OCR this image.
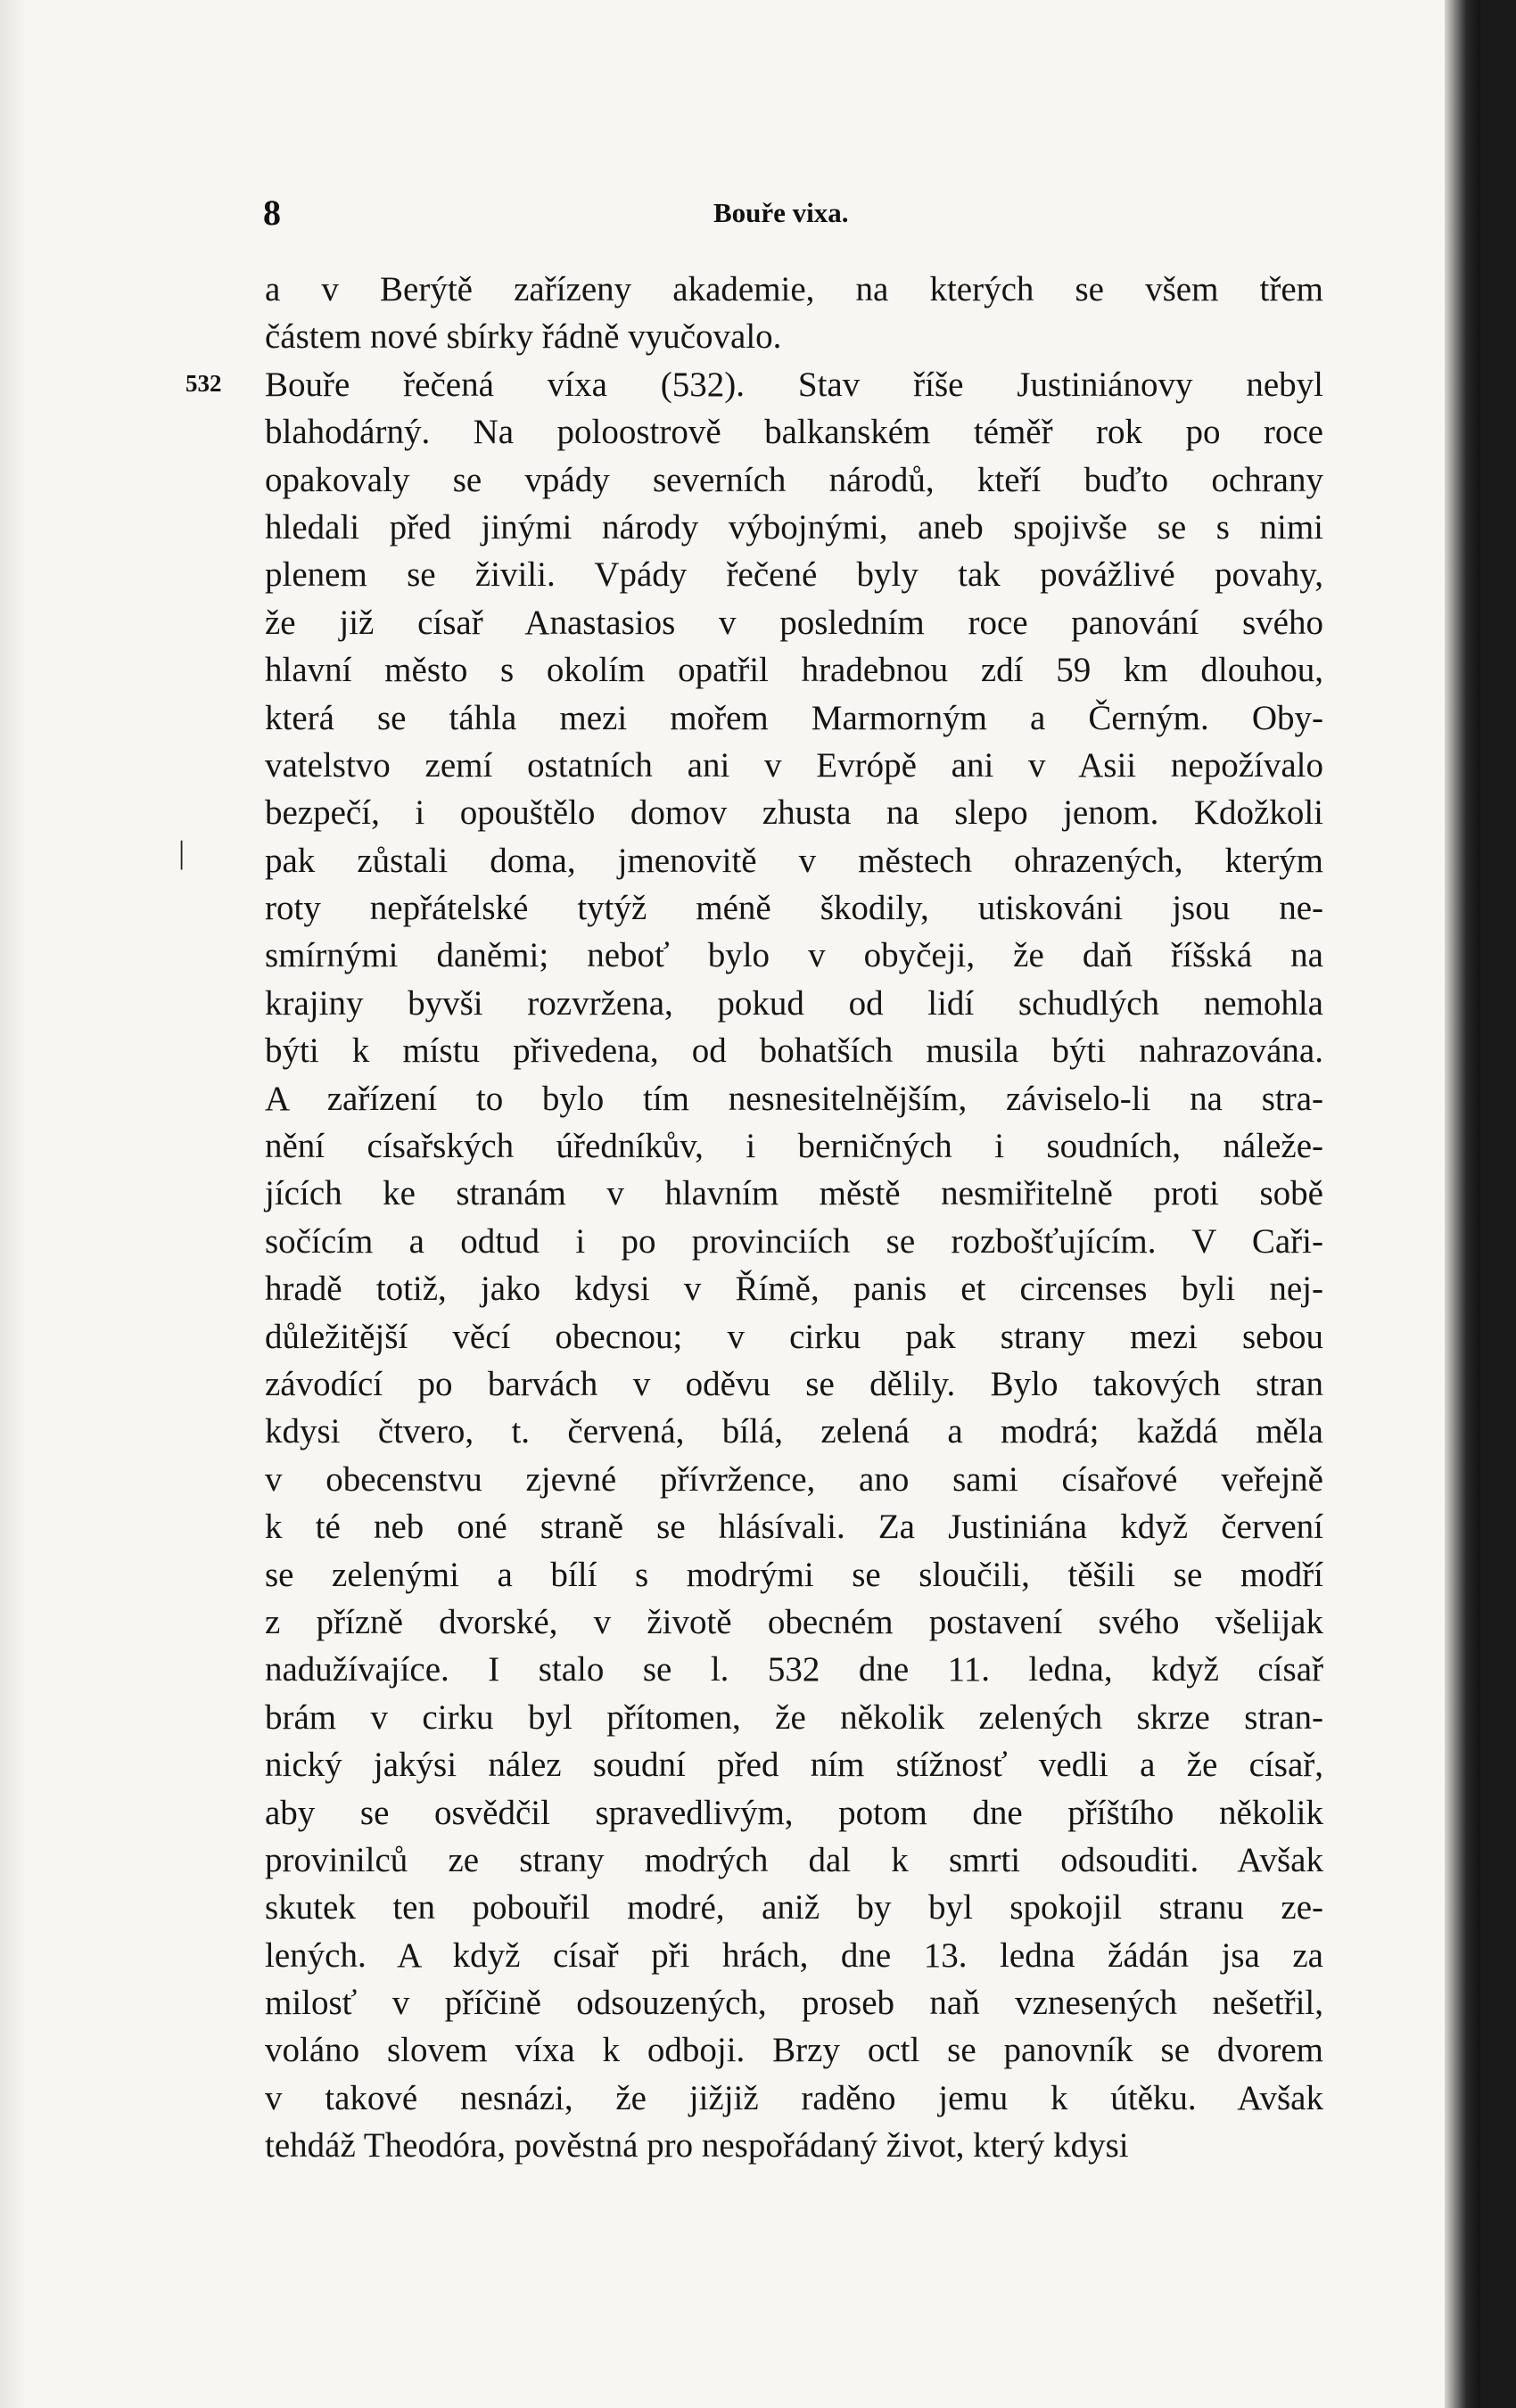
8	Bouře vixa.
532
|
a v Berýtě zařízeny akademie, na kterých se všem třem
částem nové sbírky řádně vyučovalo.
Bouře řečená víxa (532). Stav říše Justiniánovy nebyl
blahodárný. Na poloostrově balkanském téměř rok po roce
opakovaly se vpády severních národů, kteří buďto ochrany
hledali před jinými národy výbojnými, aneb spojivše se s nimi
plenem se živili. Vpády řečené byly tak povážlivé povahy,
že již císař Anastasios v posledním roce panování svého
hlavní město s okolím opatřil hradebnou zdí 59 km dlouhou,
která se táhla mezi mořem Marmorným a Černým. Oby-
vatelstvo zemí ostatních ani v Evrópě ani v Asii nepožívalo
bezpečí, i opouštělo domov zhusta na slepo jenom. Kdožkoli
pak zůstali doma, jmenovitě v městech ohrazených, kterým
roty nepřátelské tytýž méně škodily, utiskováni jsou ne-
smírnými daněmi; neboť bylo v obyčeji, že daň říšská na
krajiny byvši rozvržena, pokud od lidí schudlých nemohla
býti k místu přivedena, od bohatších musila býti nahrazována.
A zařízení to bylo tím nesnesitelnějším, záviselo-li na stra-
nění císařských úředníkův, i berničných i soudních, náleže-
jících ke stranám v hlavním městě nesmiřitelně proti sobě
sočícím a odtud i po provinciích se rozbošťujícím. V Caři-
hradě totiž, jako kdysi v Římě, panis et circenses byli nej-
důležitější věcí obecnou; v cirku pak strany mezi sebou
závodící po barvách v oděvu se dělily. Bylo takových stran
kdysi čtvero, t. červená, bílá, zelená a modrá; každá měla
v obecenstvu zjevné přívržence, ano sami císařové veřejně
k té neb oné straně se hlásívali. Za Justiniána když červení
se zelenými a bílí s modrými se sloučili, těšili se modří
z přízně dvorské, v životě obecném postavení svého všelijak
nadužívajíce. I stalo se l. 532 dne 11. ledna, když císař
brám v cirku byl přítomen, že několik zelených skrze stran-
nický jakýsi nález soudní před ním stížnosť vedli a že císař,
aby se osvědčil spravedlivým, potom dne příštího několik
provinilců ze strany modrých dal k smrti odsouditi. Avšak
skutek ten pobouřil modré, aniž by byl spokojil stranu ze-
lených. A když císař při hrách, dne 13. ledna žádán jsa za
milosť v příčině odsouzených, proseb naň vznesených nešetřil,
voláno slovem víxa k odboji. Brzy octl se panovník se dvorem
v takové nesnázi, že jižjiž raděno jemu k útěku. Avšak
tehdáž Theodóra, pověstná pro nespořádaný život, který kdysi
